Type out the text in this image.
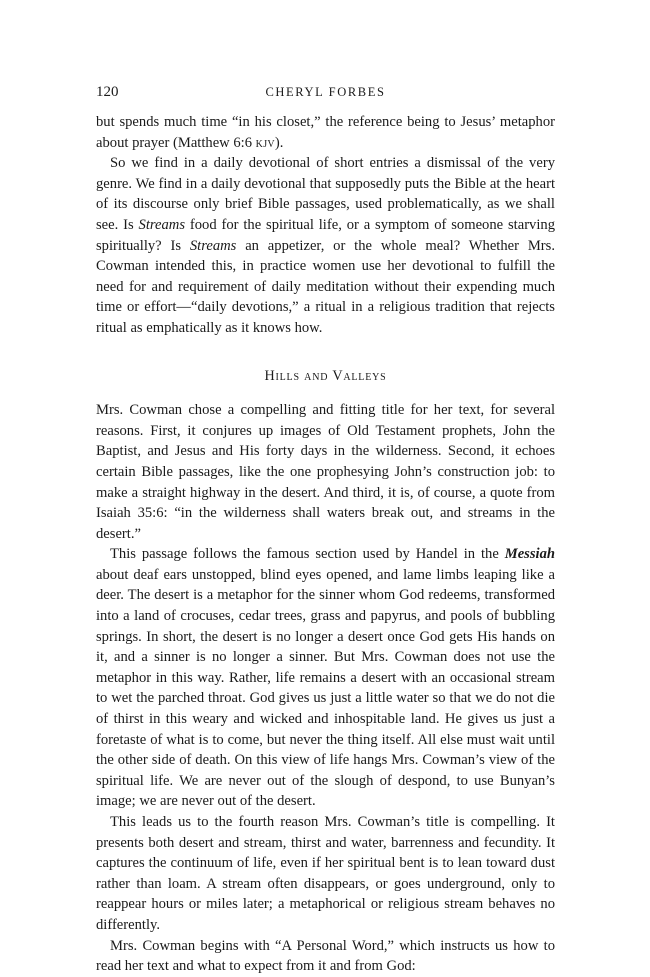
120	CHERYL FORBES

but spends much time “in his closet,” the reference being to Jesus’ metaphor about prayer (Matthew 6:6 kjv).

So we find in a daily devotional of short entries a dismissal of the very genre. We find in a daily devotional that supposedly puts the Bible at the heart of its discourse only brief Bible passages, used problematically, as we shall see. Is Streams food for the spiritual life, or a symptom of someone starving spiritually? Is Streams an appetizer, or the whole meal? Whether Mrs. Cowman intended this, in practice women use her devotional to fulfill the need for and requirement of daily meditation without their expending much time or effort—“daily devotions,” a ritual in a religious tradition that rejects ritual as emphatically as it knows how.

Hills and Valleys

Mrs. Cowman chose a compelling and fitting title for her text, for several reasons. First, it conjures up images of Old Testament prophets, John the Baptist, and Jesus and His forty days in the wilderness. Second, it echoes certain Bible passages, like the one prophesying John’s construction job: to make a straight highway in the desert. And third, it is, of course, a quote from Isaiah 35:6: “in the wilderness shall waters break out, and streams in the desert.”

This passage follows the famous section used by Handel in the Messiah about deaf ears unstopped, blind eyes opened, and lame limbs leaping like a deer. The desert is a metaphor for the sinner whom God redeems, transformed into a land of crocuses, cedar trees, grass and papyrus, and pools of bubbling springs. In short, the desert is no longer a desert once God gets His hands on it, and a sinner is no longer a sinner. But Mrs. Cowman does not use the metaphor in this way. Rather, life remains a desert with an occasional stream to wet the parched throat. God gives us just a little water so that we do not die of thirst in this weary and wicked and inhospitable land. He gives us just a foretaste of what is to come, but never the thing itself. All else must wait until the other side of death. On this view of life hangs Mrs. Cowman’s view of the spiritual life. We are never out of the slough of despond, to use Bunyan’s image; we are never out of the desert.

This leads us to the fourth reason Mrs. Cowman’s title is compelling. It presents both desert and stream, thirst and water, barrenness and fecundity. It captures the continuum of life, even if her spiritual bent is to lean toward dust rather than loam. A stream often disappears, or goes underground, only to reappear hours or miles later; a metaphorical or religious stream behaves no differently.

Mrs. Cowman begins with “A Personal Word,” which instructs us how to read her text and what to expect from it and from God:
